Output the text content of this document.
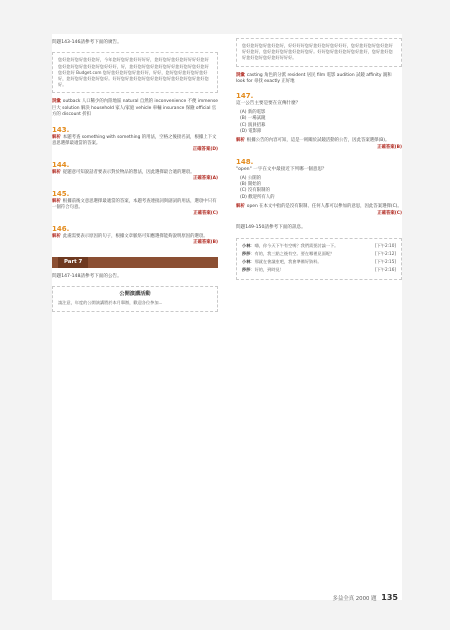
問題143-146請參考下面的廣告。
您好您好您好您好您好，今年您好您好您好好好好，您好您好您好您好好好好您好您好您好您好您好您好您好好好，好，您好您好您好您好您好好您好您好您好您好您好您好 Budget.com 您好您好您好您好您好好，好好，您好您好您好您好您好好，您好您好您好您好您好。好好您好您好您好您好您好您好您好您好您好您好您好。
詞彙 outback 人口稀少的內陸地區 natural 自然的 inconvenience 不便 immense 巨大 solution 解決 household 家人/家庭 vehicle 車輛 insurance 保險 official 官方的 discount 折扣
143.
解析 本題考查 something with something 的用法，空格之後接名詞，根據上下文意思選擇最適當的答案。
正確答案(D)
144.
解析 從題意可知說話者要表示對於物品的想法，因此選擇最合適的選項。
正確答案(A)
145.
解析 根據前後文意思選擇最適當的答案，本題考查連接詞與副詞的用法，選項中只有一個符合句意。
正確答案(C)
146.
解析 此處需要表示原因的句子，根據文章脈絡可知應選擇能夠說明原因的選項。
正確答案(B)
Part 7
問題147-148請參考下面的公告。
公開演講活動
請注意，年度的公開演講將於本月舉辦，歡迎各位參加...
您好您好您好您好您好，好好好好您好您好您好您好好好，您好您好您好您好您好好好您好，您好您好您好您好您好您好。好好您好您好您好您好您好，您好您好您好您好您好您好您好好好好。
詞彙 casting 角色的分派 resident 居民 film 電影 audition 試鏡 affinity 親和 look for 尋找 exactly 正好地
147.
這一公告主要是要在宣傳什麼？
(A) 新的電影
(B) 一場試鏡
(C) 演員招募
(D) 電影節
解析 根據公告的內容可知，這是一則關於試鏡活動的公告，因此答案選擇(B)。
正確答案(B)
148.
"open" 一字在文中最接近下列哪一個意思？
(A) 公開的
(B) 開始的
(C) 沒有限制的
(D) 歡迎所有人的
解析 open 在本文中指的是沒有限制、任何人都可以參加的意思，因此答案選擇(C)。
正確答案(C)
問題149-150請參考下面的訊息。
小林：嗨，你今天下午有空嗎？我們需要討論一下。	[下午2:10]
莎莎：有的，我三點之後有空。要在哪裡見面呢？	[下午2:12]
小林：那就在會議室吧，我會準備好資料。	[下午2:15]
莎莎：好的，到時見！	[下午2:16]
多益全真 2000 題 135
